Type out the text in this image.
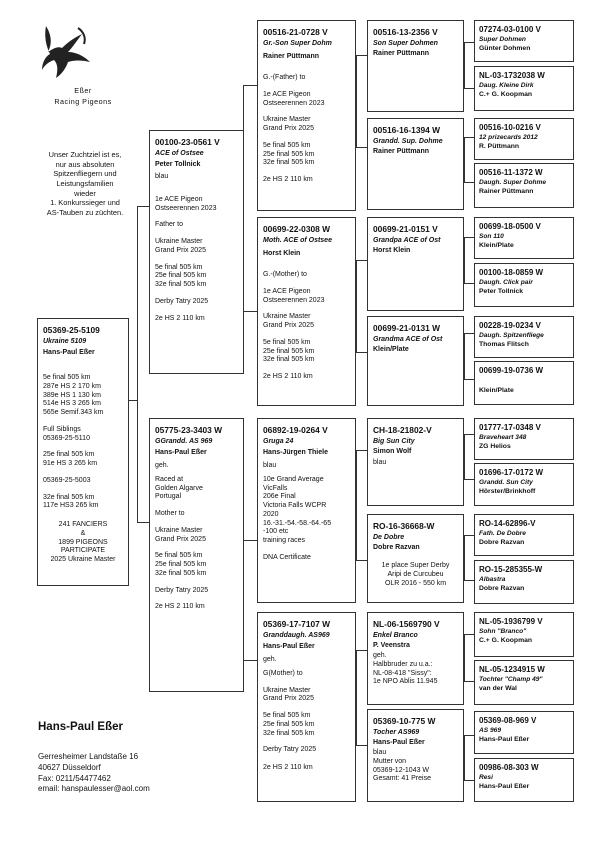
Eßer
Racing Pigeons
Unser Zuchtziel ist es,
nur aus absoluten
Spitzenfliegern und
Leistungsfamilien
wieder
1. Konkurssieger und
AS-Tauben zu züchten.
05369-25-5109
Ukraine 5109
Hans-Paul Eßer
5e final 505 km
287e HS 2 170 km
389e HS 1 130 km
514e HS 3 265 km
565e Semif.343 km
Full Siblings
05369-25-5110
25e final 505 km
91e HS 3 265 km
05369-25-5003
32e final 505 km
117e HS3 265 km
241 FANCIERS
&
1899 PIGEONS
PARTICIPATE
2025 Ukraine Master
00100-23-0561 V
ACE of Ostsee
Peter Tollnick
blau
1e ACE Pigeon
Ostseerennen 2023
Father to
Ukraine Master
Grand Prix 2025
5e final 505 km
25e final 505 km
32e final 505 km
Derby Tatry 2025
2e HS 2 110 km
05775-23-3403 W
GGrandd. AS 969
Hans-Paul Eßer
geh.
Raced at
Golden Algarve
Portugal
Mother to
Ukraine Master
Grand Prix 2025
5e final 505 km
25e final 505 km
32e final 505 km
Derby Tatry 2025
2e HS 2 110 km
00516-21-0728 V
Gr.-Son Super Dohm
Rainer Püttmann
G.-(Father) to
1e ACE Pigeon
Ostseerennen 2023
Ukraine Master
Grand Prix 2025
5e final 505 km
25e final 505 km
32e final 505 km
2e HS 2 110 km
00699-22-0308 W
Moth. ACE of Ostsee
Horst Klein
G.-(Mother) to
1e ACE Pigeon
Ostseerennen 2023
Ukraine Master
Grand Prix 2025
5e final 505 km
25e final 505 km
32e final 505 km
2e HS 2 110 km
06892-19-0264 V
Gruga 24
Hans-Jürgen Thiele
blau
10e Grand Average
VicFalls
206e Final
Victoria Falls WCPR
2020
16.-31.-54.-58.-64.-65
-100 etc
training races
DNA Certificate
05369-17-7107 W
Granddaugh. AS969
Hans-Paul Eßer
geh.
G(Mother) to
Ukraine Master
Grand Prix 2025
5e final 505 km
25e final 505 km
32e final 505 km
Derby Tatry 2025

2e HS 2 110 km
00516-13-2356 V
Son Super Dohmen
Rainer Püttmann
00516-16-1394 W
Grandd. Sup. Dohme
Rainer Püttmann
00699-21-0151 V
Grandpa ACE of Ost
Horst Klein
00699-21-0131 W
Grandma ACE of Ost
Klein/Plate
CH-18-21802-V
Big Sun City
Simon Wolf
blau
RO-16-36668-W
De Dobre
Dobre Razvan
1e place Super Derby
Aripi de Curcubeu
OLR 2016 - 550 km
NL-06-1569790 V
Enkel Branco
P. Veenstra
geh.
Halbbruder zu u.a.:
NL-08-418 "Sissy":
1e NPO Ablis 11.945
05369-10-775 W
Tocher AS969
Hans-Paul Eßer
blau
Mutter von
05369-12-1043 W
Gesamt: 41 Preise
07274-03-0100 V
Super Dohmen
Günter Dohmen
NL-03-1732038 W
Daug. Kleine Dirk
C.+ G. Koopman
00516-10-0216 V
12 prizecards 2012
R. Püttmann
00516-11-1372 W
Daugh. Super Dohme
Rainer Püttmann
00699-18-0500 V
Son 110
Klein/Plate
00100-18-0859 W
Daugh. Click pair
Peter Tollnick
00228-19-0234 V
Daugh. Spitzenfliege
Thomas Flitsch
00699-19-0736 W
Klein/Plate
01777-17-0348 V
Braveheart 348
ZG Helios
01696-17-0172 W
Grandd. Sun City
Hörster/Brinkhoff
RO-14-62896-V
Fath. De Dobre
Dobre Razvan
RO-15-285355-W
Albastra
Dobre Razvan
NL-05-1936799 V
Sohn "Branco"
C.+ G. Koopman
NL-05-1234915 W
Tochter "Champ 49"
van der Wal
05369-08-969 V
AS 969
Hans-Paul Eßer
00986-08-303 W
Resi
Hans-Paul Eßer
Hans-Paul Eßer
Gerresheimer Landstaße 16
40627 Düsseldorf
Fax: 0211/54477462
email: hanspaulesser@aol.com
